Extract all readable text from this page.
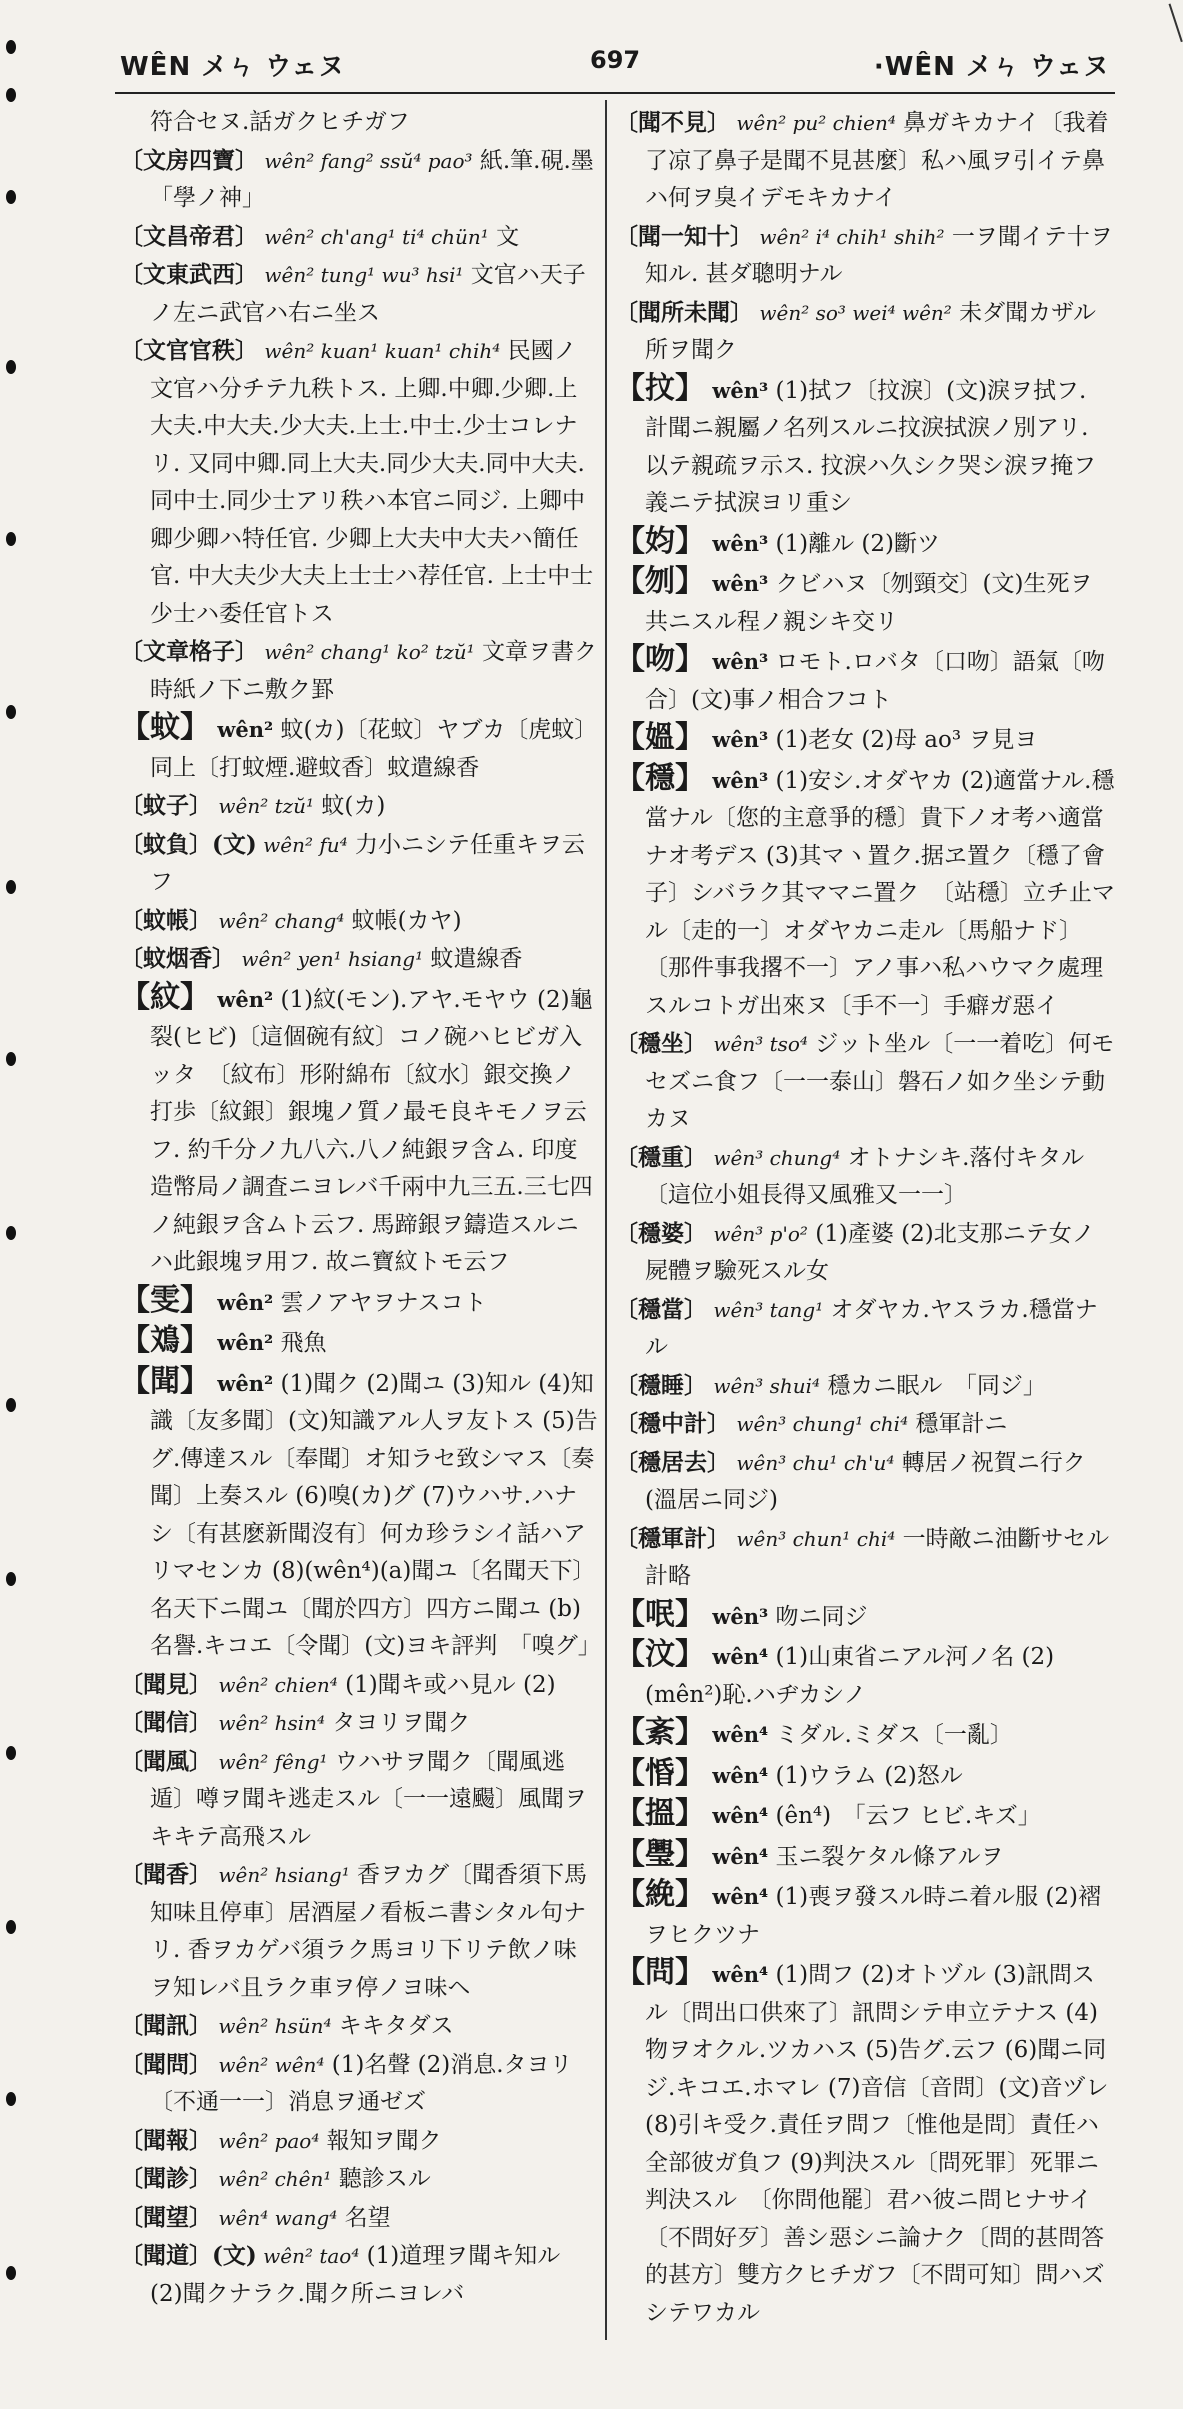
WÊN メㄣ ウェヌ	697	·WÊN メㄣ ウェヌ

符合セヌ.話ガクヒチガフ

〔文房四寶〕 wên² fang² ssŭ⁴ pao³ 紙.筆.硯.墨　　「學ノ神」

〔文昌帝君〕 wên² ch'ang¹ ti⁴ chün¹ 文

〔文東武西〕 wên² tung¹ wu³ hsi¹ 文官ハ天子ノ左ニ武官ハ右ニ坐ス

〔文官官秩〕 wên² kuan¹ kuan¹ chih⁴ 民國ノ文官ハ分チテ九秩トス. 上卿.中卿.少卿.上大夫.中大夫.少大夫.上士.中士.少士コレナリ. 又同中卿.同上大夫.同少大夫.同中大夫.同中士.同少士アリ秩ハ本官ニ同ジ. 上卿中卿少卿ハ特任官. 少卿上大夫中大夫ハ簡任官. 中大夫少大夫上士士ハ荐任官. 上士中士少士ハ委任官トス

〔文章格子〕 wên² chang¹ ko² tzŭ¹ 文章ヲ書ク時紙ノ下ニ敷ク罫

【蚊】 wên² 蚊(カ)〔花蚊〕ヤブカ〔虎蚊〕同上〔打蚊煙.避蚊香〕蚊遣線香

〔蚊子〕 wên² tzŭ¹ 蚊(カ)

〔蚊負〕(文) wên² fu⁴ 力小ニシテ任重キヲ云フ

〔蚊帳〕 wên² chang⁴ 蚊帳(カヤ)

〔蚊烟香〕 wên² yen¹ hsiang¹ 蚊遣線香

【紋】 wên² (1)紋(モン).アヤ.モヤウ (2)龜裂(ヒビ)〔這個碗有紋〕コノ碗ハヒビガ入ッタ　〔紋布〕形附綿布〔紋水〕銀交換ノ打歩〔紋銀〕銀塊ノ質ノ最モ良キモノヲ云フ. 約千分ノ九八六.八ノ純銀ヲ含ム. 印度造幣局ノ調査ニヨレバ千兩中九三五.三七四ノ純銀ヲ含ムト云フ. 馬蹄銀ヲ鑄造スルニハ此銀塊ヲ用フ. 故ニ寶紋トモ云フ

【雯】 wên² 雲ノアヤヲナスコト

【鳼】 wên² 飛魚

【聞】 wên² (1)聞ク (2)聞ユ (3)知ル (4)知識〔友多聞〕(文)知識アル人ヲ友トス (5)告グ.傳達スル〔奉聞〕オ知ラセ致シマス〔奏聞〕上奏スル (6)嗅(カ)グ (7)ウハサ.ハナシ〔有甚麽新聞沒有〕何カ珍ラシイ話ハアリマセンカ (8)(wên⁴)(a)聞ユ〔名聞天下〕名天下ニ聞ユ〔聞於四方〕四方ニ聞ユ (b)名譽.キコエ〔令聞〕(文)ヨキ評判　「嗅グ」

〔聞見〕 wên² chien⁴ (1)聞キ或ハ見ル (2)

〔聞信〕 wên² hsin⁴ タヨリヲ聞ク

〔聞風〕 wên² fêng¹ ウハサヲ聞ク〔聞風逃遁〕噂ヲ聞キ逃走スル〔一一遠颺〕風聞ヲキキテ高飛スル

〔聞香〕 wên² hsiang¹ 香ヲカグ〔聞香須下馬知味且停車〕居酒屋ノ看板ニ書シタル句ナリ. 香ヲカゲバ須ラク馬ヨリ下リテ飲ノ味ヲ知レバ且ラク車ヲ停ノヨ味ヘ

〔聞訊〕 wên² hsün⁴ キキタダス

〔聞問〕 wên² wên⁴ (1)名聲 (2)消息.タヨリ〔不通一一〕消息ヲ通ゼズ

〔聞報〕 wên² pao⁴ 報知ヲ聞ク

〔聞診〕 wên² chên¹ 聽診スル

〔聞望〕 wên⁴ wang⁴ 名望

〔聞道〕(文) wên² tao⁴ (1)道理ヲ聞キ知ル (2)聞クナラク.聞ク所ニヨレバ

〔聞不見〕 wên² pu² chien⁴ 鼻ガキカナイ〔我着了凉了鼻子是聞不見甚麼〕私ハ風ヲ引イテ鼻ハ何ヲ臭イデモキカナイ

〔聞一知十〕 wên² i⁴ chih¹ shih² 一ヲ聞イテ十ヲ知ル. 甚ダ聰明ナル

〔聞所未聞〕 wên² so³ wei⁴ wên² 未ダ聞カザル所ヲ聞ク

【抆】 wên³ (1)拭フ〔抆淚〕(文)淚ヲ拭フ. 計聞ニ親屬ノ名列スルニ抆淚拭淚ノ別アリ. 以テ親疏ヲ示ス. 抆淚ハ久シク哭シ淚ヲ掩フ義ニテ拭淚ヨリ重シ

【㚬】 wên³ (1)離ル (2)斷ツ

【刎】 wên³ クビハヌ〔刎頸交〕(文)生死ヲ共ニスル程ノ親シキ交リ

【吻】 wên³ ロモト.ロバタ〔口吻〕語氣〔吻合〕(文)事ノ相合フコト

【媼】 wên³ (1)老女 (2)母 ao³ ヲ見ヨ

【穩】 wên³ (1)安シ.オダヤカ (2)適當ナル.穩當ナル〔您的主意爭的穩〕貴下ノオ考ハ適當ナオ考デス (3)其マヽ置ク.据ヱ置ク〔穩了會子〕シバラク其ママニ置ク　〔站穩〕立チ止マル〔走的一〕オダヤカニ走ル〔馬船ナド〕〔那件事我撂不一〕アノ事ハ私ハウマク處理スルコトガ出來ヌ〔手不一〕手癖ガ惡イ

〔穩坐〕 wên³ tso⁴ ジット坐ル〔一一着吃〕何モセズニ食フ〔一一泰山〕磐石ノ如ク坐シテ動カヌ

〔穩重〕 wên³ chung⁴ オトナシキ.落付キタル〔這位小姐長得又風雅又一一〕

〔穩婆〕 wên³ p'o² (1)產婆 (2)北支那ニテ女ノ屍體ヲ驗死スル女

〔穩當〕 wên³ tang¹ オダヤカ.ヤスラカ.穩當ナル

〔穩睡〕 wên³ shui⁴ 穩カニ眠ル　「同ジ」

〔穩中計〕 wên³ chung¹ chi⁴ 穩軍計ニ

〔穩居去〕 wên³ chu¹ ch'u⁴ 轉居ノ祝賀ニ行ク(溫居ニ同ジ)

〔穩軍計〕 wên³ chun¹ chi⁴ 一時敵ニ油斷サセル計略

【呡】 wên³ 吻ニ同ジ

【汶】 wên⁴ (1)山東省ニアル河ノ名 (2)(mên²)恥.ハヂカシノ

【紊】 wên⁴ ミダル.ミダス〔一亂〕

【惛】 wên⁴ (1)ウラム (2)怒ル

【搵】 wên⁴ (ên⁴)　「云フ ヒビ.キズ」

【璺】 wên⁴ 玉ニ裂ケタル條アルヲ

【絻】 wên⁴ (1)喪ヲ發スル時ニ着ル服 (2)褶ヲヒクツナ

【問】 wên⁴ (1)問フ (2)オトヅル (3)訊問スル〔問出口供來了〕訊問シテ申立テナス (4)物ヲオクル.ツカハス (5)告グ.云フ (6)聞ニ同ジ.キコエ.ホマレ (7)音信〔音問〕(文)音ヅレ (8)引キ受ク.責任ヲ問フ〔惟他是問〕責任ハ全部彼ガ負フ (9)判決スル〔問死罪〕死罪ニ判決スル　〔你問他罷〕君ハ彼ニ問ヒナサイ〔不問好歹〕善シ惡シニ論ナク〔問的甚問答的甚方〕雙方クヒチガフ〔不問可知〕問ハズシテワカル
